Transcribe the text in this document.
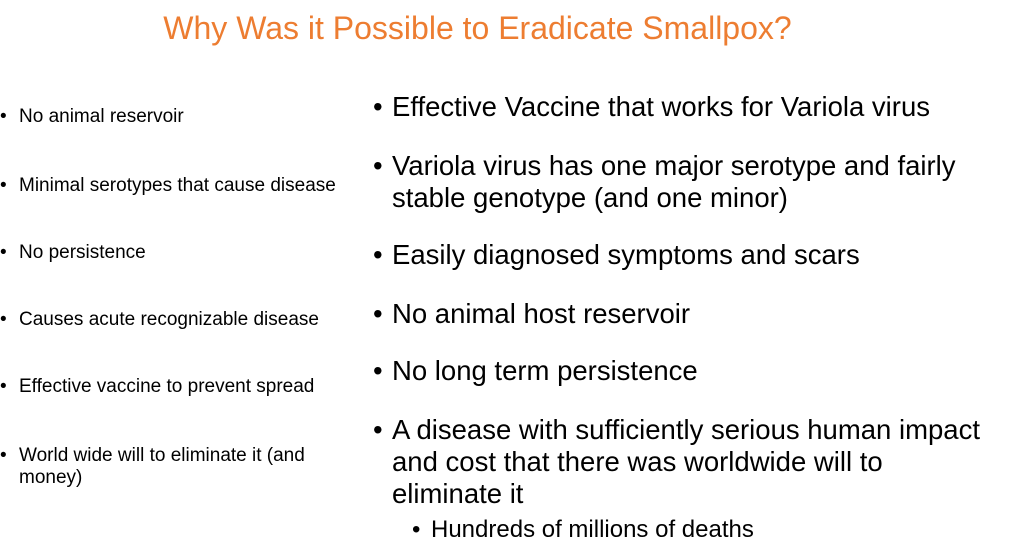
Why Was it Possible to Eradicate Smallpox?
• No animal reservoir
• Minimal serotypes that cause disease
• No persistence
• Causes acute recognizable disease
• Effective vaccine to prevent spread
• World wide will to eliminate it (and money)
• Effective Vaccine that works for Variola virus
• Variola virus has one major serotype and fairly stable genotype (and one minor)
• Easily diagnosed symptoms and scars
• No animal host reservoir
• No long term persistence
• A disease with sufficiently serious human impact and cost that there was worldwide will to eliminate it
• Hundreds of millions of deaths
